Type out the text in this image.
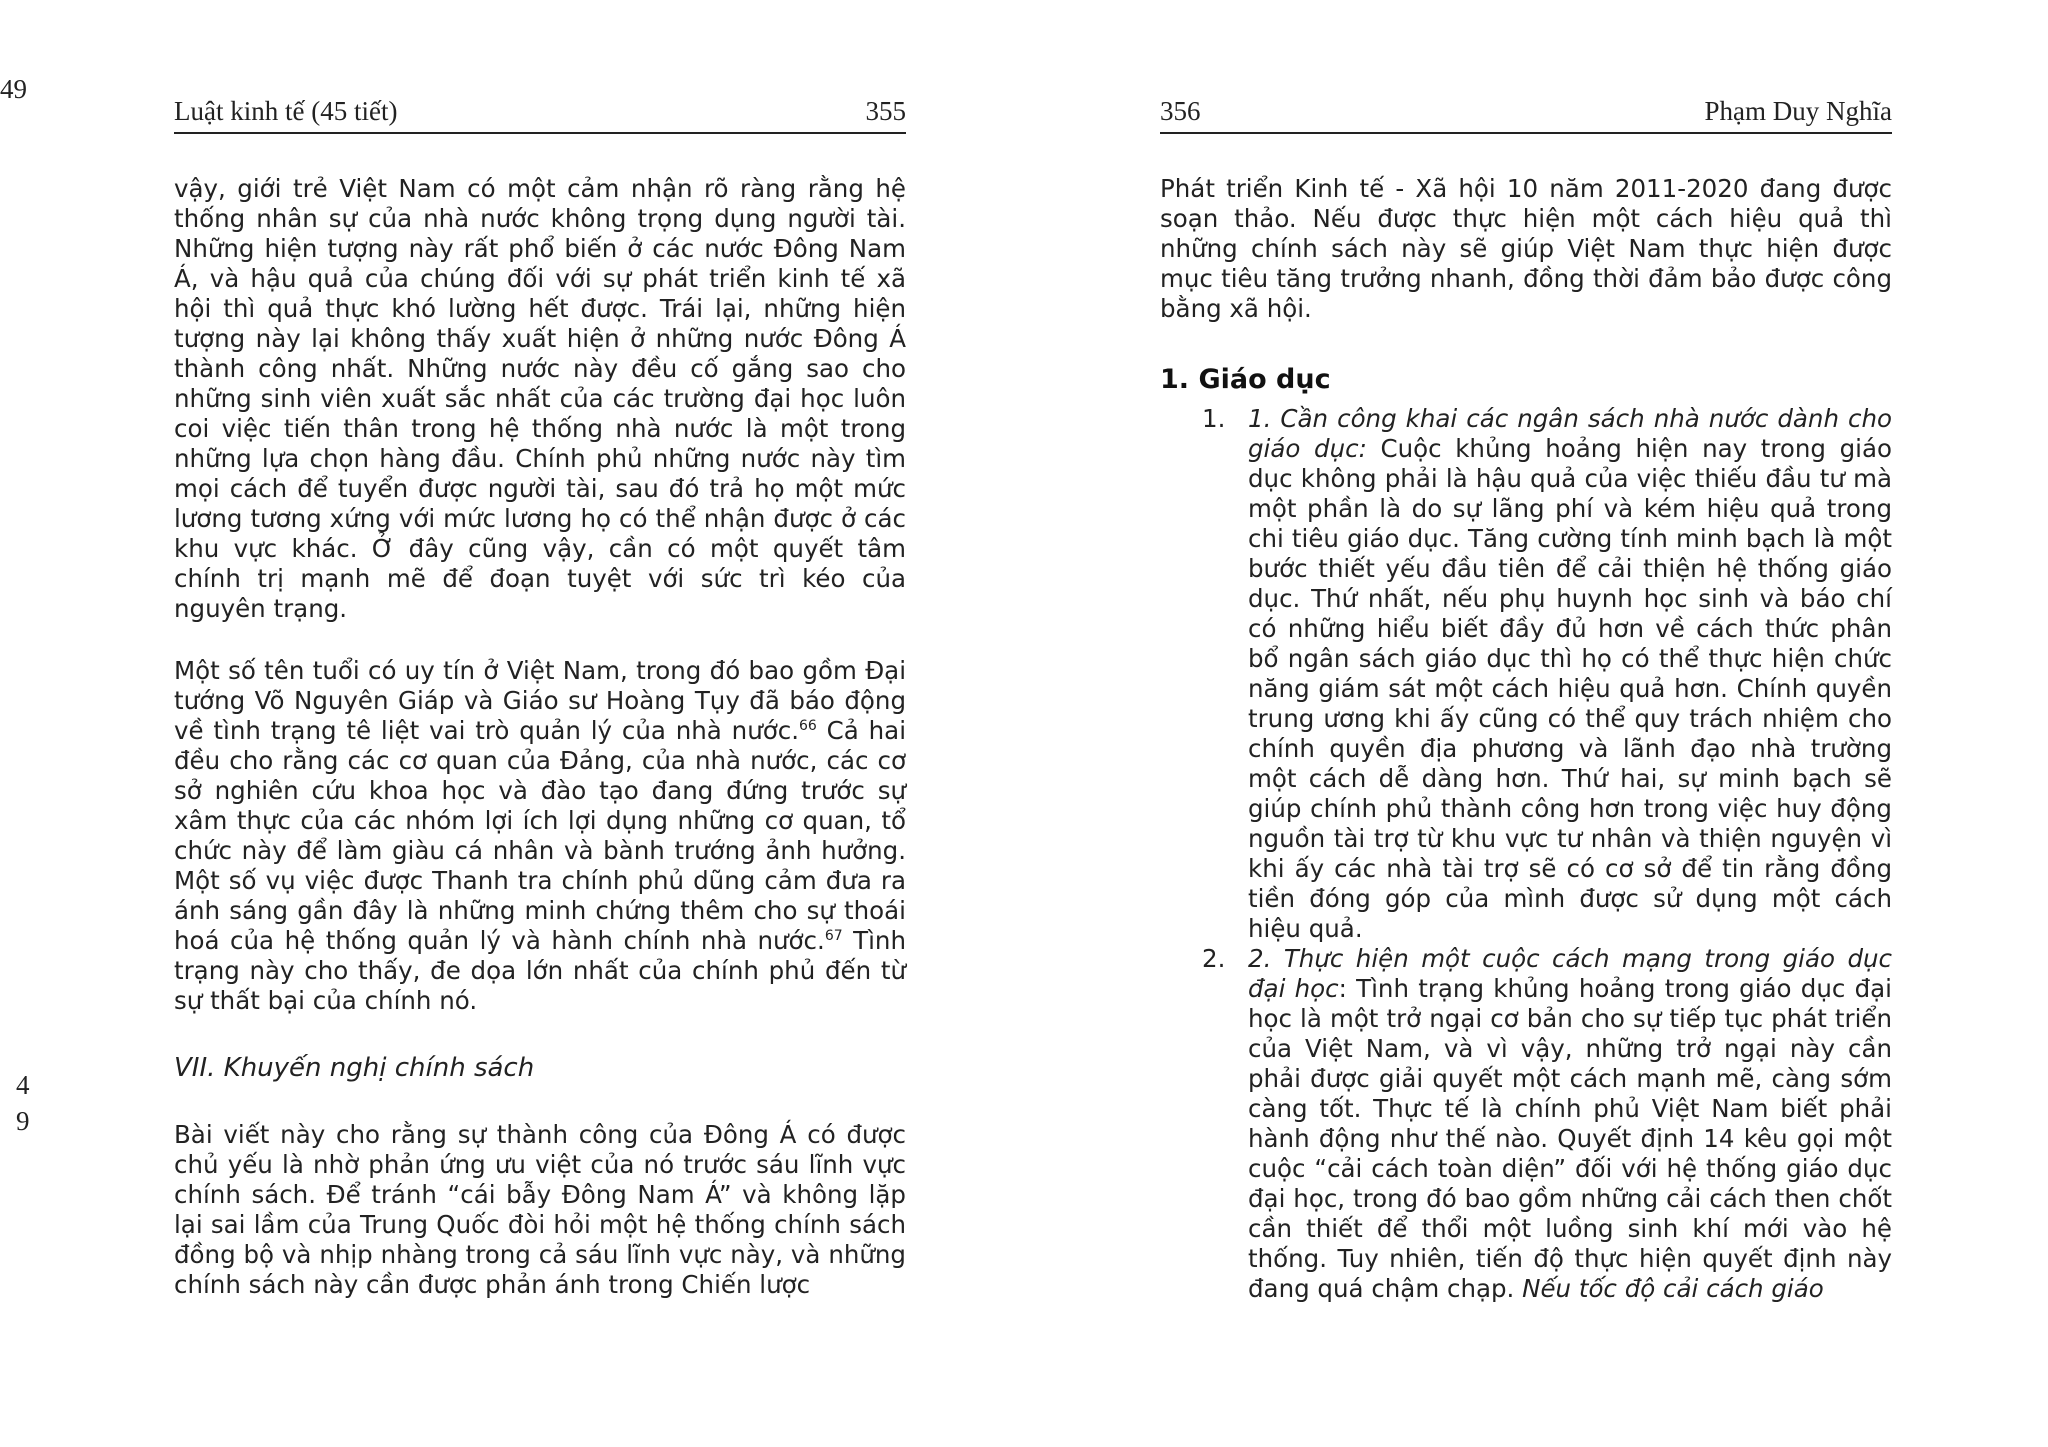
49
4
9
Luật kinh tế (45 tiết)	355

vậy, giới trẻ Việt Nam có một cảm nhận rõ ràng rằng hệ thống nhân sự của nhà nước không trọng dụng người tài. Những hiện tượng này rất phổ biến ở các nước Đông Nam Á, và hậu quả của chúng đối với sự phát triển kinh tế xã hội thì quả thực khó lường hết được. Trái lại, những hiện tượng này lại không thấy xuất hiện ở những nước Đông Á thành công nhất. Những nước này đều cố gắng sao cho những sinh viên xuất sắc nhất của các trường đại học luôn coi việc tiến thân trong hệ thống nhà nước là một trong những lựa chọn hàng đầu. Chính phủ những nước này tìm mọi cách để tuyển được người tài, sau đó trả họ một mức lương tương xứng với mức lương họ có thể nhận được ở các khu vực khác. Ở đây cũng vậy, cần có một quyết tâm chính trị mạnh mẽ để đoạn tuyệt với sức trì kéo của nguyên trạng.

Một số tên tuổi có uy tín ở Việt Nam, trong đó bao gồm Đại tướng Võ Nguyên Giáp và Giáo sư Hoàng Tụy đã báo động về tình trạng tê liệt vai trò quản lý của nhà nước.$^{66}$ Cả hai đều cho rằng các cơ quan của Đảng, của nhà nước, các cơ sở nghiên cứu khoa học và đào tạo đang đứng trước sự xâm thực của các nhóm lợi ích lợi dụng những cơ quan, tổ chức này để làm giàu cá nhân và bành trướng ảnh hưởng. Một số vụ việc được Thanh tra chính phủ dũng cảm đưa ra ánh sáng gần đây là những minh chứng thêm cho sự thoái hoá của hệ thống quản lý và hành chính nhà nước.$^{67}$ Tình trạng này cho thấy, đe dọa lớn nhất của chính phủ đến từ sự thất bại của chính nó.

VII. Khuyến nghị chính sách

Bài viết này cho rằng sự thành công của Đông Á có được chủ yếu là nhờ phản ứng ưu việt của nó trước sáu lĩnh vực chính sách. Để tránh “cái bẫy Đông Nam Á” và không lặp lại sai lầm của Trung Quốc đòi hỏi một hệ thống chính sách đồng bộ và nhịp nhàng trong cả sáu lĩnh vực này, và những chính sách này cần được phản ánh trong Chiến lược

356	Phạm Duy Nghĩa

Phát triển Kinh tế - Xã hội 10 năm 2011-2020 đang được soạn thảo. Nếu được thực hiện một cách hiệu quả thì những chính sách này sẽ giúp Việt Nam thực hiện được mục tiêu tăng trưởng nhanh, đồng thời đảm bảo được công bằng xã hội.

1. Giáo dục
1. 1. Cần công khai các ngân sách nhà nước dành cho giáo dục: Cuộc khủng hoảng hiện nay trong giáo dục không phải là hậu quả của việc thiếu đầu tư mà một phần là do sự lãng phí và kém hiệu quả trong chi tiêu giáo dục. Tăng cường tính minh bạch là một bước thiết yếu đầu tiên để cải thiện hệ thống giáo dục. Thứ nhất, nếu phụ huynh học sinh và báo chí có những hiểu biết đầy đủ hơn về cách thức phân bổ ngân sách giáo dục thì họ có thể thực hiện chức năng giám sát một cách hiệu quả hơn. Chính quyền trung ương khi ấy cũng có thể quy trách nhiệm cho chính quyền địa phương và lãnh đạo nhà trường một cách dễ dàng hơn. Thứ hai, sự minh bạch sẽ giúp chính phủ thành công hơn trong việc huy động nguồn tài trợ từ khu vực tư nhân và thiện nguyện vì khi ấy các nhà tài trợ sẽ có cơ sở để tin rằng đồng tiền đóng góp của mình được sử dụng một cách hiệu quả.
2. 2. Thực hiện một cuộc cách mạng trong giáo dục đại học: Tình trạng khủng hoảng trong giáo dục đại học là một trở ngại cơ bản cho sự tiếp tục phát triển của Việt Nam, và vì vậy, những trở ngại này cần phải được giải quyết một cách mạnh mẽ, càng sớm càng tốt. Thực tế là chính phủ Việt Nam biết phải hành động như thế nào. Quyết định 14 kêu gọi một cuộc “cải cách toàn diện” đối với hệ thống giáo dục đại học, trong đó bao gồm những cải cách then chốt cần thiết để thổi một luồng sinh khí mới vào hệ thống. Tuy nhiên, tiến độ thực hiện quyết định này đang quá chậm chạp. Nếu tốc độ cải cách giáo
